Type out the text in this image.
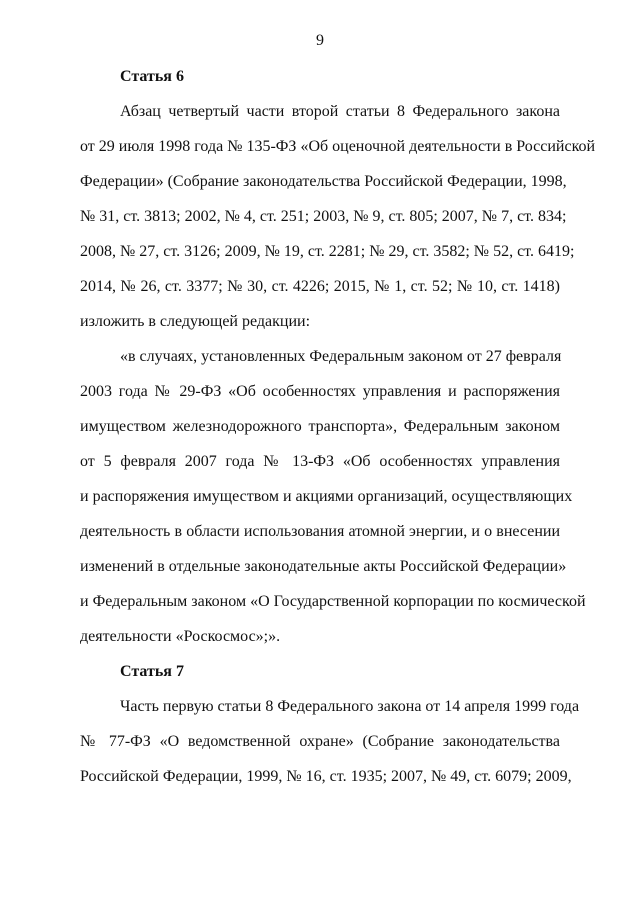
9
Статья 6
Абзац четвертый части второй статьи 8 Федерального закона
от 29 июля 1998 года № 135-ФЗ «Об оценочной деятельности в Российской
Федерации» (Собрание законодательства Российской Федерации, 1998,
№ 31, ст. 3813; 2002, № 4, ст. 251; 2003, № 9, ст. 805; 2007, № 7, ст. 834;
2008, № 27, ст. 3126; 2009, № 19, ст. 2281; № 29, ст. 3582; № 52, ст. 6419;
2014, № 26, ст. 3377; № 30, ст. 4226; 2015, № 1, ст. 52; № 10, ст. 1418)
изложить в следующей редакции:
«в случаях, установленных Федеральным законом от 27 февраля
2003 года № 29-ФЗ «Об особенностях управления и распоряжения
имуществом железнодорожного транспорта», Федеральным законом
от 5 февраля 2007 года № 13-ФЗ «Об особенностях управления
и распоряжения имуществом и акциями организаций, осуществляющих
деятельность в области использования атомной энергии, и о внесении
изменений в отдельные законодательные акты Российской Федерации»
и Федеральным законом «О Государственной корпорации по космической
деятельности «Роскосмос»;».
Статья 7
Часть первую статьи 8 Федерального закона от 14 апреля 1999 года
№ 77-ФЗ «О ведомственной охране» (Собрание законодательства
Российской Федерации, 1999, № 16, ст. 1935; 2007, № 49, ст. 6079; 2009,
